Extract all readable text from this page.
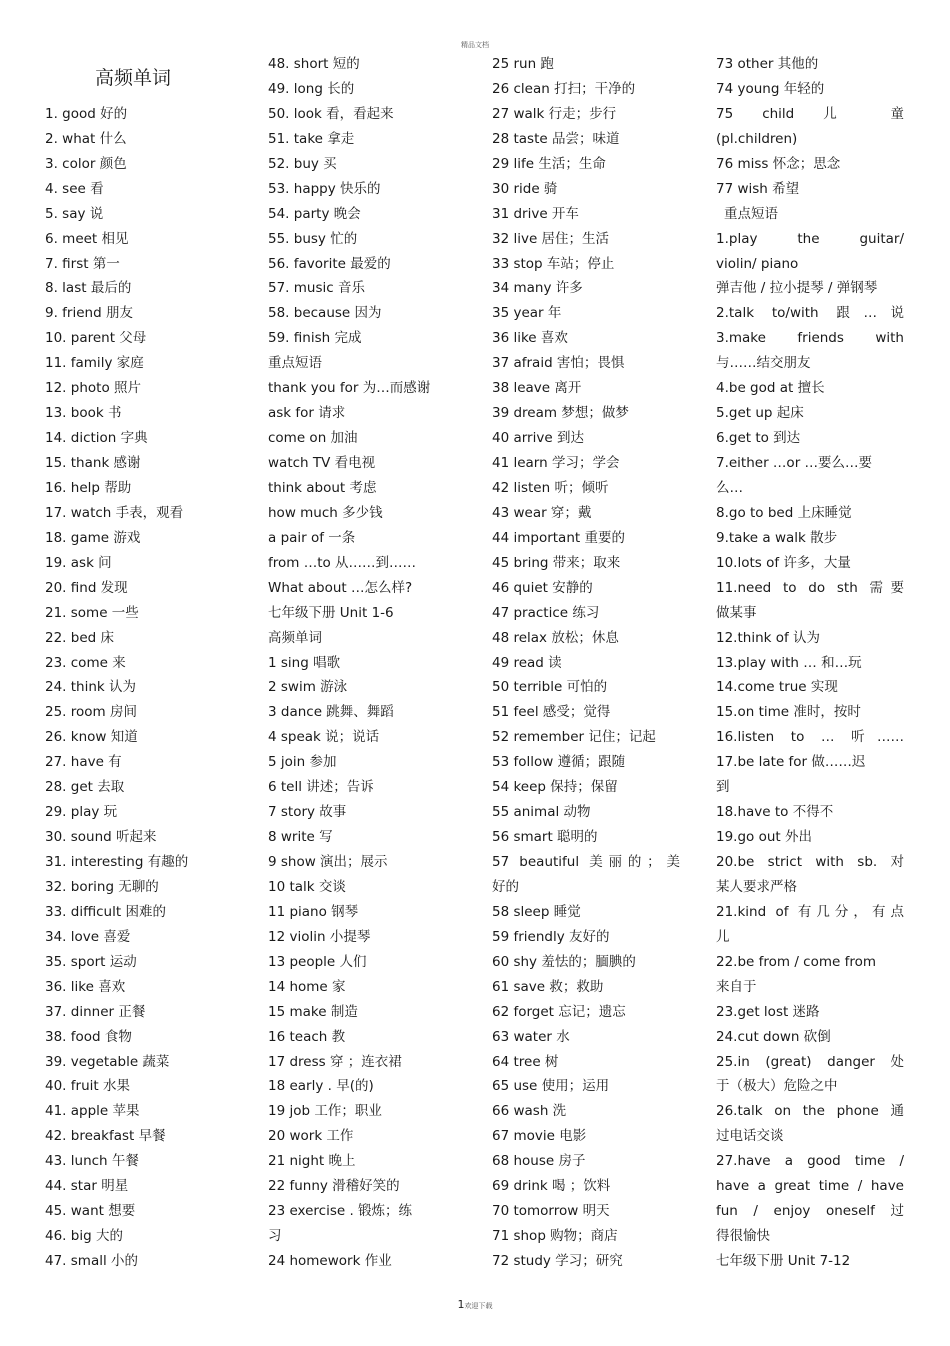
精品文档
高频单词
1. good 好的
2. what 什么
3. color 颜色
4. see 看
5. say 说
6. meet 相见
7. first 第一
8. last 最后的
9. friend 朋友
10. parent 父母
11. family 家庭
12. photo 照片
13. book 书
14. diction 字典
15. thank 感谢
16. help 帮助
17. watch 手表，观看
18. game 游戏
19. ask 问
20. find 发现
21. some 一些
22. bed 床
23. come 来
24. think 认为
25. room 房间
26. know 知道
27. have 有
28. get 去取
29. play 玩
30. sound 听起来
31. interesting 有趣的
32. boring 无聊的
33. difficult 困难的
34. love 喜爱
35. sport 运动
36. like 喜欢
37. dinner 正餐
38. food 食物
39. vegetable 蔬菜
40. fruit 水果
41. apple 苹果
42. breakfast 早餐
43. lunch 午餐
44. star 明星
45. want 想要
46. big 大的
47. small 小的
48. short 短的
49. long 长的
50. look 看，看起来
51. take 拿走
52. buy 买
53. happy 快乐的
54. party 晚会
55. busy 忙的
56. favorite 最爱的
57. music 音乐
58. because 因为
59. finish 完成
重点短语
thank you for 为…而感谢
ask for 请求
come on 加油
watch TV 看电视
think about 考虑
how much 多少钱
a pair of 一条
from …to 从……到……
What about …怎么样?
七年级下册 Unit 1-6
高频单词
1 sing 唱歌
2 swim 游泳
3 dance 跳舞、舞蹈
4 speak 说；说话
5 join 参加
6 tell 讲述；告诉
7 story 故事
8 write 写
9 show 演出；展示
10 talk 交谈
11 piano 钢琴
12 violin 小提琴
13 people 人们
14 home 家
15 make 制造
16 teach 教
17 dress 穿 ；连衣裙
18 early . 早(的)
19 job 工作；职业
20 work 工作
21 night 晚上
22 funny 滑稽好笑的
23 exercise . 锻炼；练
习
24 homework 作业
25 run 跑
26 clean 打扫；干净的
27 walk 行走；步行
28 taste 品尝；味道
29 life 生活；生命
30 ride 骑
31 drive 开车
32 live 居住；生活
33 stop 车站；停止
34 many 许多
35 year 年
36 like 喜欢
37 afraid 害怕；畏惧
38 leave 离开
39 dream 梦想；做梦
40 arrive 到达
41 learn 学习；学会
42 listen 听；倾听
43 wear 穿；戴
44 important 重要的
45 bring 带来；取来
46 quiet 安静的
47 practice 练习
48 relax 放松；休息
49 read 读
50 terrible 可怕的
51 feel 感受；觉得
52 remember 记住；记起
53 follow 遵循；跟随
54 keep 保持；保留
55 animal 动物
56 smart 聪明的
57 beautiful 美丽的；美
好的
58 sleep 睡觉
59 friendly 友好的
60 shy 羞怯的；腼腆的
61 save 救；救助
62 forget 忘记；遗忘
63 water 水
64 tree 树
65 use 使用；运用
66 wash 洗
67 movie 电影
68 house 房子
69 drink 喝 ；饮料
70 tomorrow 明天
71 shop 购物；商店
72 study 学习；研究
73 other 其他的
74 young 年轻的
75 child 儿 童
(pl.children)
76 miss 怀念；思念
77 wish 希望
重点短语
1.play the guitar/
violin/ piano
弹吉他 / 拉小提琴 / 弹钢琴
2.talk to/with 跟…说
3.make friends with
与……结交朋友
4.be god at 擅长
5.get up 起床
6.get to 到达
7.either …or …要么…要
么…
8.go to bed 上床睡觉
9.take a walk 散步
10.lots of 许多，大量
11.need to do sth 需要
做某事
12.think of 认为
13.play with … 和…玩
14.come true 实现
15.on time 准时，按时
16.listen to … 听……
17.be late for 做……迟
到
18.have to 不得不
19.go out 外出
20.be strict with sb. 对
某人要求严格
21.kind of 有几分，有点
儿
22.be from / come from
来自于
23.get lost 迷路
24.cut down 砍倒
25.in (great) danger 处
于（极大）危险之中
26.talk on the phone 通
过电话交谈
27.have a good time /
have a great time / have
fun / enjoy oneself 过
得很愉快
七年级下册 Unit 7-12
1欢迎下载
